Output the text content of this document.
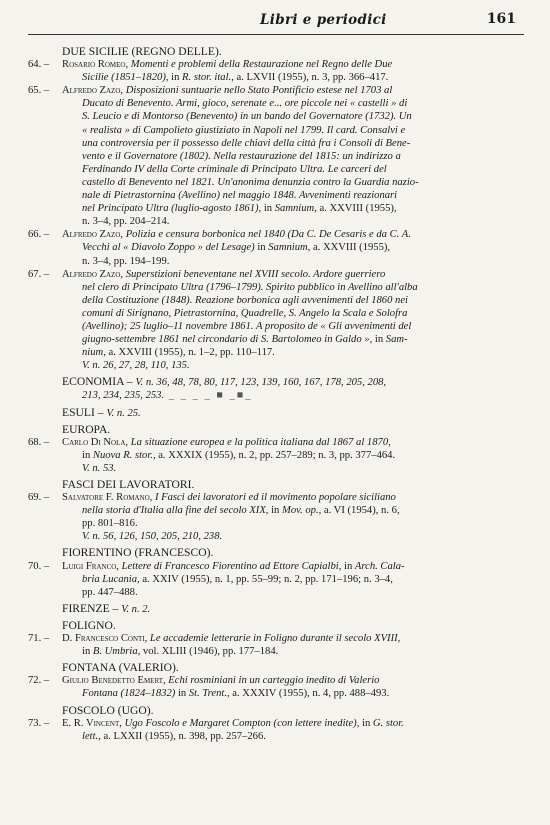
Libri e periodici	161
DUE SICILIE (REGNO DELLE).
64. –	Rosario Romeo, Momenti e problemi della Restaurazione nel Regno delle Due
Sicilie (1851–1820), in R. stor. ital., a. LXVII (1955), n. 3, pp. 366–417.
65. –	Alfredo Zazo, Disposizioni suntuarie nello Stato Pontificio estese nel 1703 al
Ducato di Benevento. Armi, gioco, serenate e... ore piccole nei « castelli » di
S. Leucio e di Montorso (Benevento) in un bando del Governatore (1732). Un
« realista » di Campolieto giustiziato in Napoli nel 1799. Il card. Consalvi e
una controversia per il possesso delle chiavi della città fra i Consoli di Bene-
vento e il Governatore (1802). Nella restaurazione del 1815: un indirizzo a
Ferdinando IV della Corte criminale di Principato Ultra. Le carceri del
castello di Benevento nel 1821. Un'anonima denunzia contro la Guardia nazio-
nale di Pietrastornina (Avellino) nel maggio 1848. Avvenimenti reazionari
nel Principato Ultra (luglio-agosto 1861), in Samnium, a. XXVIII (1955),
n. 3–4, pp. 204–214.
66. –	Alfredo Zazo, Polizia e censura borbonica nel 1840 (Da C. De Cesaris e da C. A.
Vecchi al « Diavolo Zoppo » del Lesage) in Samnium, a. XXVIII (1955),
n. 3–4, pp. 194–199.
67. –	Alfredo Zazo, Superstizioni beneventane nel XVIII secolo. Ardore guerriero
nel clero di Principato Ultra (1796–1799). Spirito pubblico in Avellino all'alba
della Costituzione (1848). Reazione borbonica agli avvenimenti del 1860 nei
comuni di Sirignano, Pietrastornina, Quadrelle, S. Angelo la Scala e Solofra
(Avellino); 25 luglio–11 novembre 1861. A proposito de « Gli avvenimenti del
giugno-settembre 1861 nel circondario di S. Bartolomeo in Galdo », in Sam-
nium, a. XXVIII (1955), n. 1–2, pp. 110–117.
V. n. 26, 27, 28, 110, 135.
ECONOMIA – V. n. 36, 48, 78, 80, 117, 123, 139, 160, 167, 178, 205, 208,
213, 234, 235, 253. _ _ _ _ ■ _■_
ESULI – V. n. 25.
EUROPA.
68. –	Carlo Di Nola, La situazione europea e la politica italiana dal 1867 al 1870,
in Nuova R. stor., a. XXXIX (1955), n. 2, pp. 257–289; n. 3, pp. 377–464.
V. n. 53.
FASCI DEI LAVORATORI.
69. –	Salvatore F. Romano, I Fasci dei lavoratori ed il movimento popolare siciliano
nella storia d'Italia alla fine del secolo XIX, in Mov. op., a. VI (1954), n. 6,
pp. 801–816.
V. n. 56, 126, 150, 205, 210, 238.
FIORENTINO (FRANCESCO).
70. –	Luigi Franco, Lettere di Francesco Fiorentino ad Ettore Capialbi, in Arch. Cala-
bria Lucania, a. XXIV (1955), n. 1, pp. 55–99; n. 2, pp. 171–196; n. 3–4,
pp. 447–488.
FIRENZE – V. n. 2.
FOLIGNO.
71. –	D. Francesco Conti, Le accademie letterarie in Foligno durante il secolo XVIII,
in B. Umbria, vol. XLIII (1946), pp. 177–184.
FONTANA (VALERIO).
72. –	Giulio Benedetto Emert, Echi rosminiani in un carteggio inedito di Valerio
Fontana (1824–1832) in St. Trent., a. XXXIV (1955), n. 4, pp. 488–493.
FOSCOLO (UGO).
73. –	E. R. Vincent, Ugo Foscolo e Margaret Compton (con lettere inedite), in G. stor.
lett., a. LXXII (1955), n. 398, pp. 257–266.
